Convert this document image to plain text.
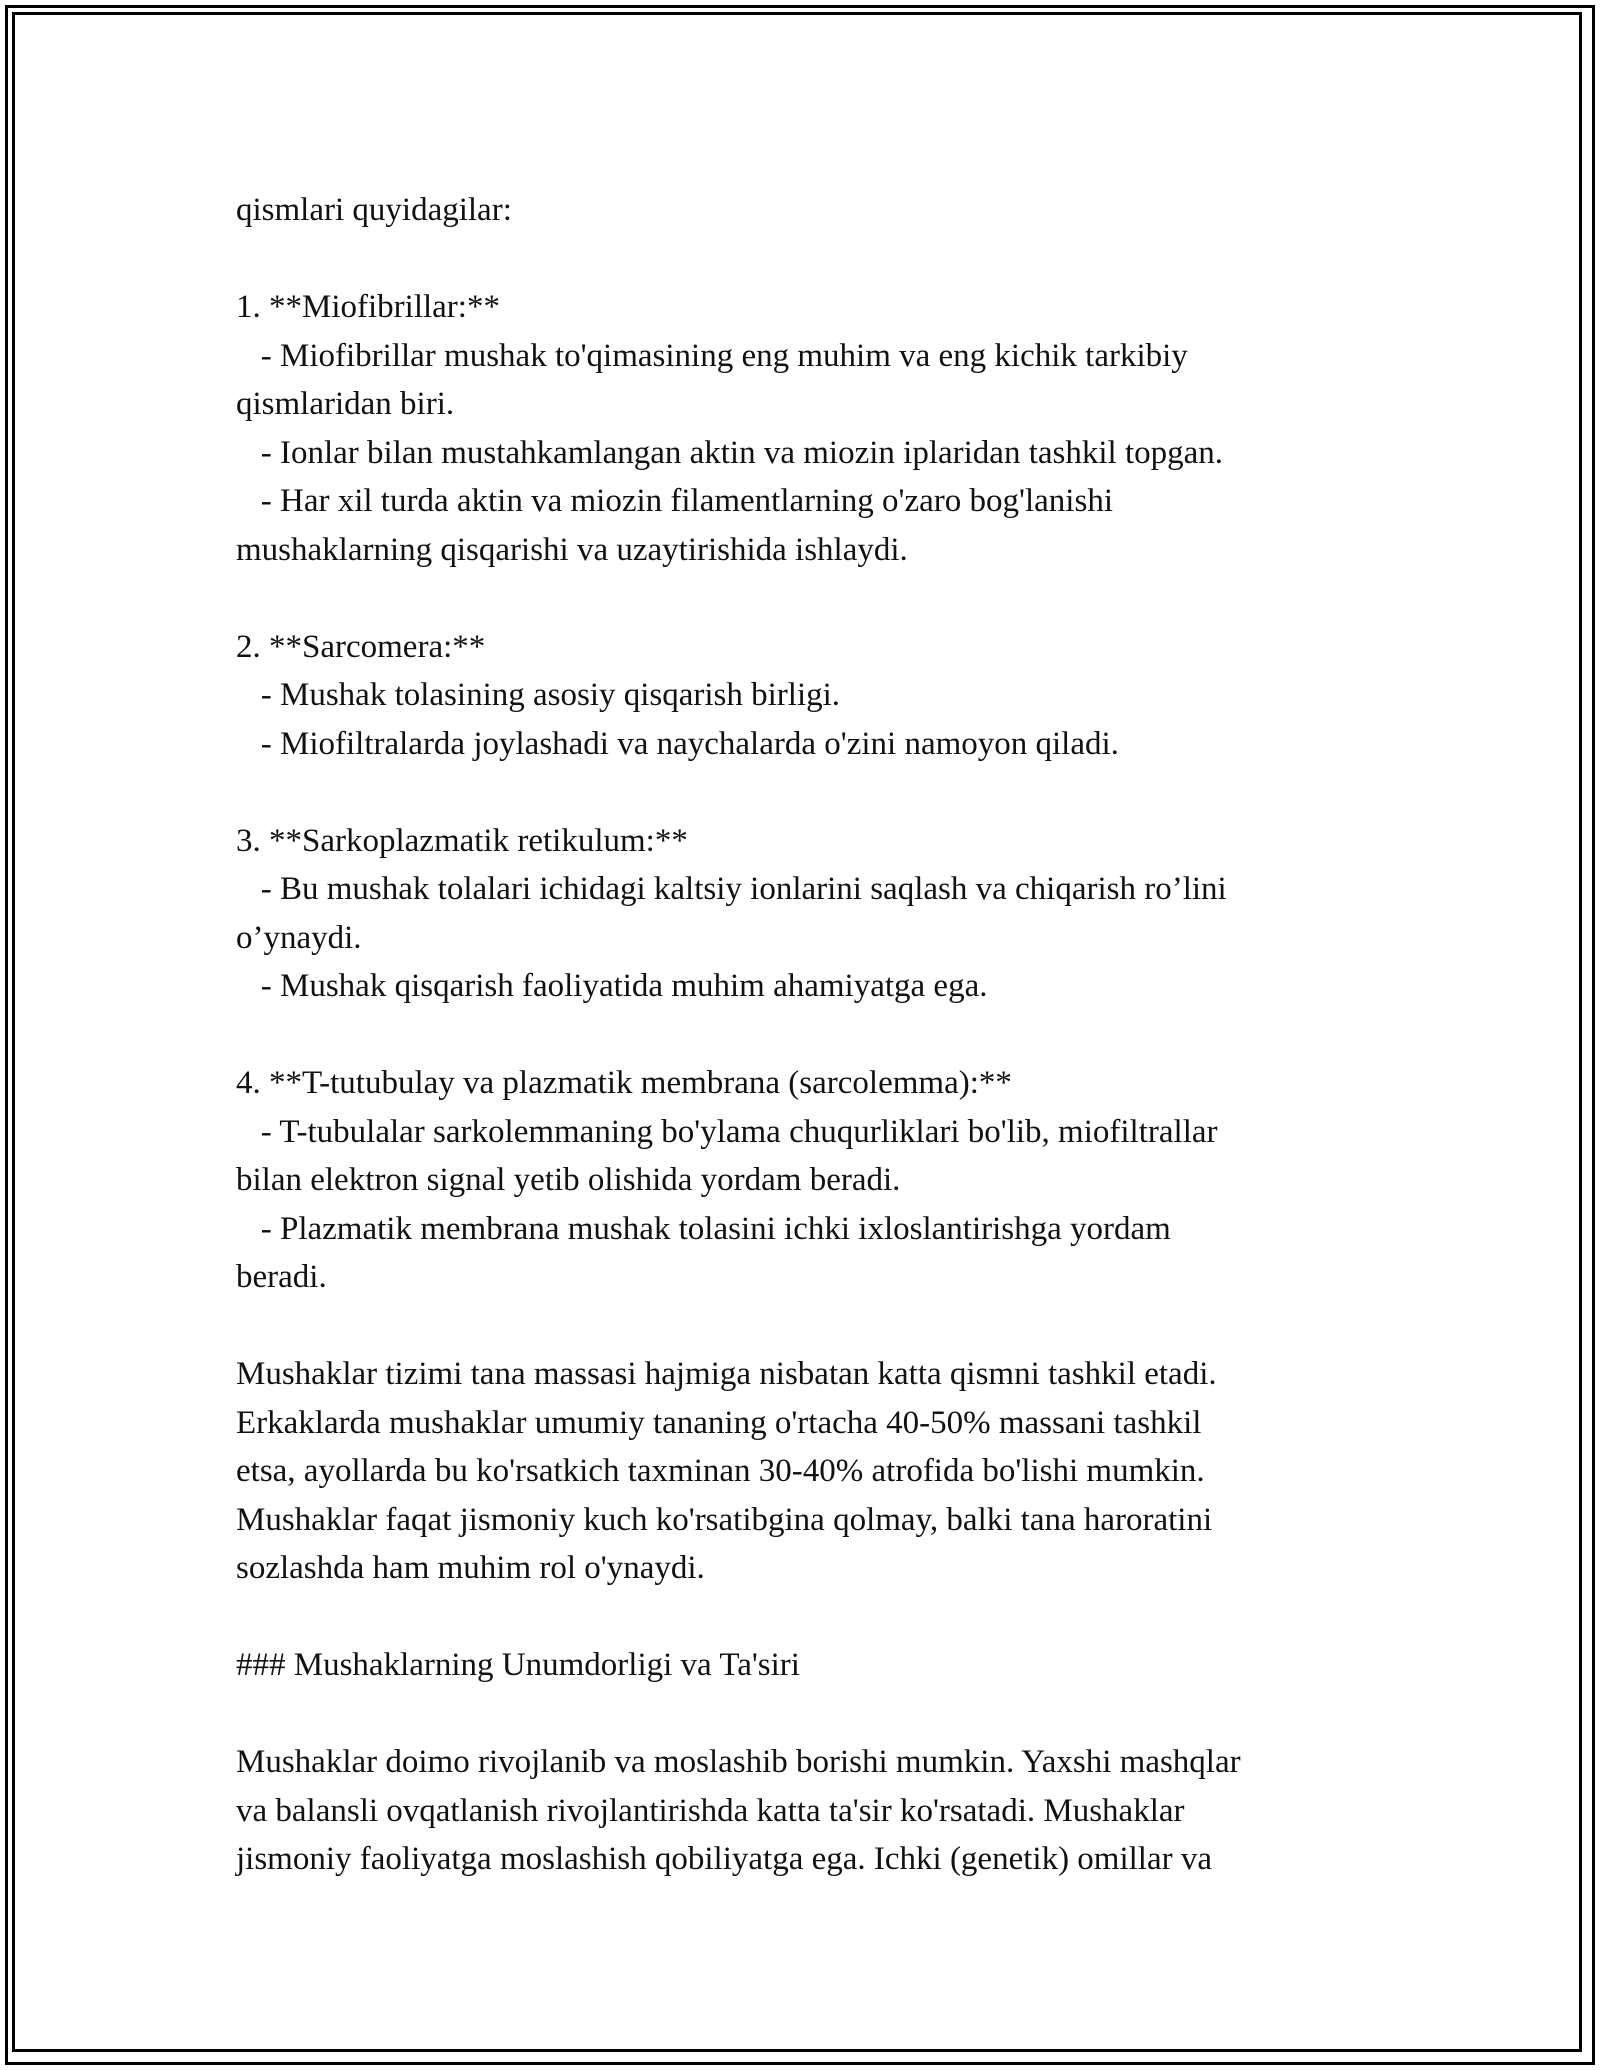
qismlari quyidagilar:

1. **Miofibrillar:**

- Miofibrillar mushak to'qimasining eng muhim va eng kichik tarkibiy

qismlaridan biri.

- Ionlar bilan mustahkamlangan aktin va miozin iplaridan tashkil topgan.

- Har xil turda aktin va miozin filamentlarning o'zaro bog'lanishi

mushaklarning qisqarishi va uzaytirishida ishlaydi.

2. **Sarcomera:**

- Mushak tolasining asosiy qisqarish birligi.

- Miofiltralarda joylashadi va naychalarda o'zini namoyon qiladi.

3. **Sarkoplazmatik retikulum:**

- Bu mushak tolalari ichidagi kaltsiy ionlarini saqlash va chiqarish ro’lini

o’ynaydi.

- Mushak qisqarish faoliyatida muhim ahamiyatga ega.

4. **T-tutubulay va plazmatik membrana (sarcolemma):**

- T-tubulalar sarkolemmaning bo'ylama chuqurliklari bo'lib, miofiltrallar

bilan elektron signal yetib olishida yordam beradi.

- Plazmatik membrana mushak tolasini ichki ixloslantirishga yordam

beradi.

Mushaklar tizimi tana massasi hajmiga nisbatan katta qismni tashkil etadi.

Erkaklarda mushaklar umumiy tananing o'rtacha 40-50% massani tashkil

etsa, ayollarda bu ko'rsatkich taxminan 30-40% atrofida bo'lishi mumkin.

Mushaklar faqat jismoniy kuch ko'rsatibgina qolmay, balki tana haroratini

sozlashda ham muhim rol o'ynaydi.

### Mushaklarning Unumdorligi va Ta'siri

Mushaklar doimo rivojlanib va moslashib borishi mumkin. Yaxshi mashqlar

va balansli ovqatlanish rivojlantirishda katta ta'sir ko'rsatadi. Mushaklar

jismoniy faoliyatga moslashish qobiliyatga ega. Ichki (genetik) omillar va
